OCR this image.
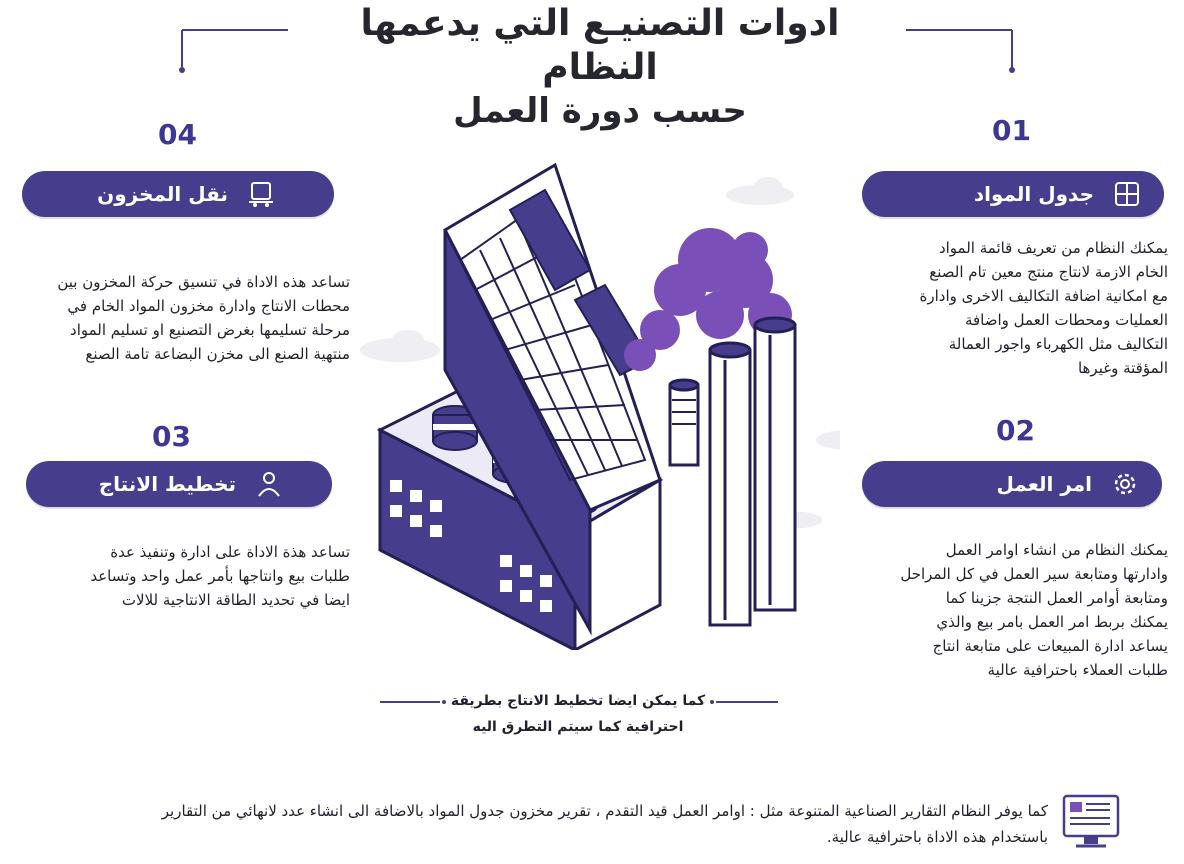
ادوات التصنيـع التي يدعمها النظام
حسب دورة العمل	01
جدول المواد
يمكنك النظام من تعريف قائمة المواد
الخام الازمة لانتاج منتج معين تام الصنع
مع امكانية اضافة التكاليف الاخرى وادارة
العمليات ومحطات العمل واضافة
التكاليف مثل الكهرباء واجور العمالة
المؤقتة وغيرها
02
امر العمل
يمكنك النظام من انشاء اوامر العمل
وادارتها ومتابعة سير العمل في كل المراحل
ومتابعة أوامر العمل النتجة جزينا كما
يمكنك بربط امر العمل بامر بيع والذي
يساعد ادارة المبيعات على متابعة انتاج
طلبات العملاء باحترافية عالية
04
نقل المخزون
تساعد هذه الاداة في تنسيق حركة المخزون بين
محطات الانتاج وادارة مخزون المواد الخام في
مرحلة تسليمها بغرض التصنيع او تسليم المواد
منتهية الصنع الى مخزن البضاعة تامة الصنع
03
تخطيط الانتاج
تساعد هذة الاداة على ادارة وتنفيذ عدة
طلبات بيع وانتاجها بأمر عمل واحد وتساعد
ايضا في تحديد الطاقة الانتاجية للالات
كما يمكن ايضا تخطيط الانتاج بطريقة
احترافية كما سيتم التطرق اليه
كما يوفر النظام التقارير الصناعية المتنوعة مثل : اوامر العمل قيد التقدم ، تقرير مخزون جدول المواد بالاضافة الى انشاء عدد لانهائي من التقارير
باستخدام هذه الاداة باحترافية عالية.
